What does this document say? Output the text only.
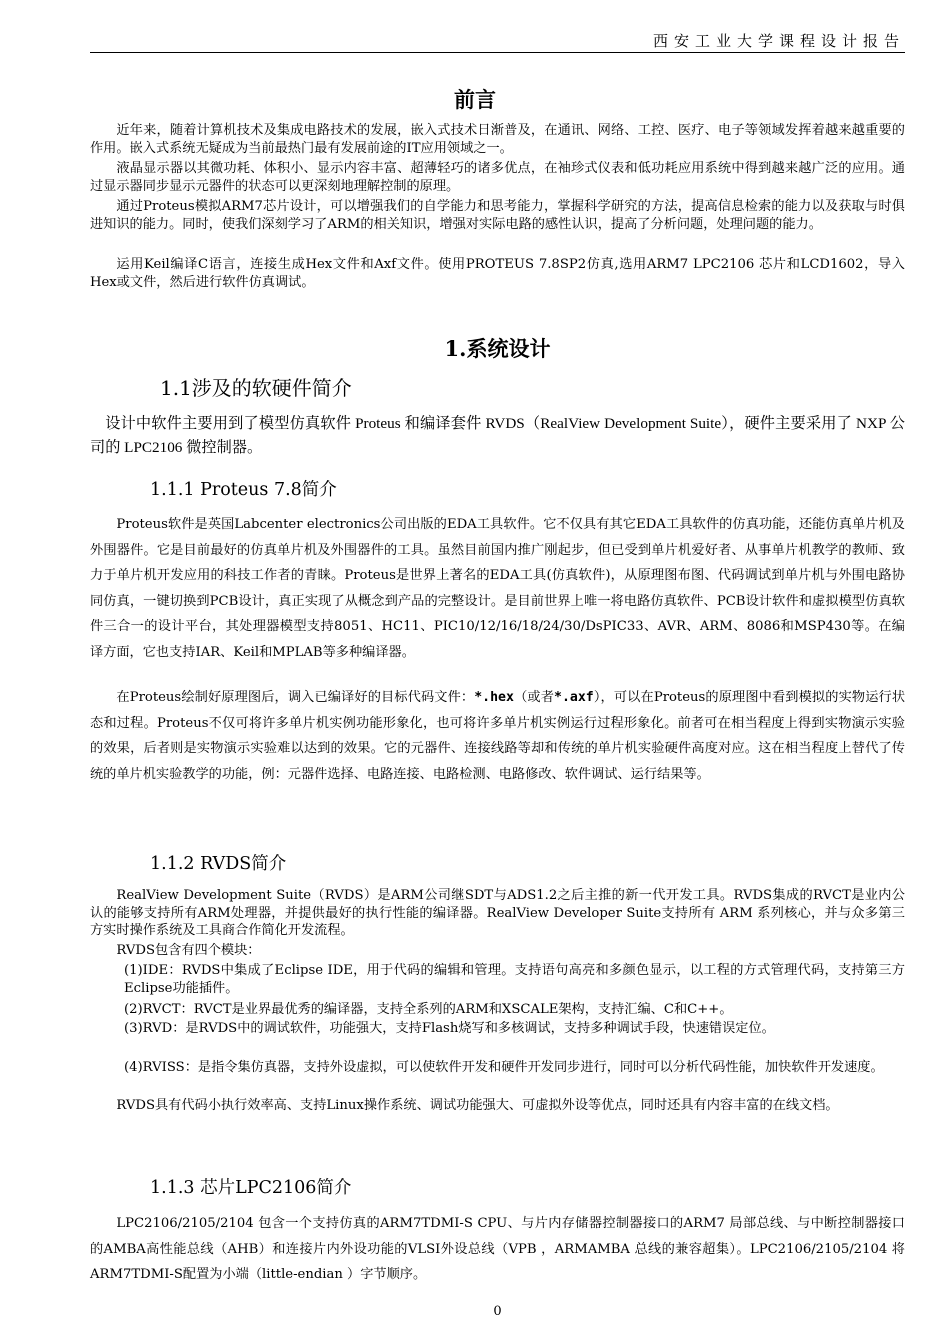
西安工业大学课程设计报告
前言

近年来，随着计算机技术及集成电路技术的发展，嵌入式技术日渐普及，在通讯、网络、工控、医疗、电子等领域发挥着越来越重要的作用。嵌入式系统无疑成为当前最热门最有发展前途的IT应用领域之一。

液晶显示器以其微功耗、体积小、显示内容丰富、超薄轻巧的诸多优点，在袖珍式仪表和低功耗应用系统中得到越来越广泛的应用。通过显示器同步显示元器件的状态可以更深刻地理解控制的原理。

通过Proteus模拟ARM7芯片设计，可以增强我们的自学能力和思考能力，掌握科学研究的方法，提高信息检索的能力以及获取与时俱进知识的能力。同时，使我们深刻学习了ARM的相关知识，增强对实际电路的感性认识，提高了分析问题，处理问题的能力。

运用Keil编译C语言，连接生成Hex文件和Axf文件。使用PROTEUS 7.8SP2仿真,选用ARM7 LPC2106 芯片和LCD1602，导入Hex或文件，然后进行软件仿真调试。

1.系统设计
1.1涉及的软硬件简介

设计中软件主要用到了模型仿真软件 Proteus 和编译套件 RVDS（RealView Development Suite），硬件主要采用了 NXP 公司的 LPC2106 微控制器。

1.1.1 Proteus 7.8简介

Proteus软件是英国Labcenter electronics公司出版的EDA工具软件。它不仅具有其它EDA工具软件的仿真功能，还能仿真单片机及外围器件。它是目前最好的仿真单片机及外围器件的工具。虽然目前国内推广刚起步，但已受到单片机爱好者、从事单片机教学的教师、致力于单片机开发应用的科技工作者的青睐。Proteus是世界上著名的EDA工具(仿真软件)，从原理图布图、代码调试到单片机与外围电路协同仿真，一键切换到PCB设计，真正实现了从概念到产品的完整设计。是目前世界上唯一将电路仿真软件、PCB设计软件和虚拟模型仿真软件三合一的设计平台，其处理器模型支持8051、HC11、PIC10/12/16/18/24/30/DsPIC33、AVR、ARM、8086和MSP430等。在编译方面，它也支持IAR、Keil和MPLAB等多种编译器。

在Proteus绘制好原理图后，调入已编译好的目标代码文件：*.hex（或者*.axf），可以在Proteus的原理图中看到模拟的实物运行状态和过程。Proteus不仅可将许多单片机实例功能形象化，也可将许多单片机实例运行过程形象化。前者可在相当程度上得到实物演示实验的效果，后者则是实物演示实验难以达到的效果。它的元器件、连接线路等却和传统的单片机实验硬件高度对应。这在相当程度上替代了传统的单片机实验教学的功能，例：元器件选择、电路连接、电路检测、电路修改、软件调试、运行结果等。

1.1.2 RVDS简介

RealView Development Suite（RVDS）是ARM公司继SDT与ADS1.2之后主推的新一代开发工具。RVDS集成的RVCT是业内公认的能够支持所有ARM处理器，并提供最好的执行性能的编译器。RealView Developer Suite支持所有 ARM 系列核心，并与众多第三方实时操作系统及工具商合作简化开发流程。

RVDS包含有四个模块：

(1)IDE：RVDS中集成了Eclipse IDE，用于代码的编辑和管理。支持语句高亮和多颜色显示，以工程的方式管理代码，支持第三方Eclipse功能插件。

(2)RVCT：RVCT是业界最优秀的编译器，支持全系列的ARM和XSCALE架构，支持汇编、C和C++。

(3)RVD：是RVDS中的调试软件，功能强大，支持Flash烧写和多核调试，支持多种调试手段，快速错误定位。

(4)RVISS：是指令集仿真器，支持外设虚拟，可以使软件开发和硬件开发同步进行，同时可以分析代码性能，加快软件开发速度。

RVDS具有代码小执行效率高、支持Linux操作系统、调试功能强大、可虚拟外设等优点，同时还具有内容丰富的在线文档。

1.1.3 芯片LPC2106简介

LPC2106/2105/2104 包含一个支持仿真的ARM7TDMI-S CPU、与片内存储器控制器接口的ARM7 局部总线、与中断控制器接口的AMBA高性能总线（AHB）和连接片内外设功能的VLSI外设总线（VPB ，ARMAMBA 总线的兼容超集）。LPC2106/2105/2104 将ARM7TDMI-S配置为小端（little-endian ）字节顺序。

0
